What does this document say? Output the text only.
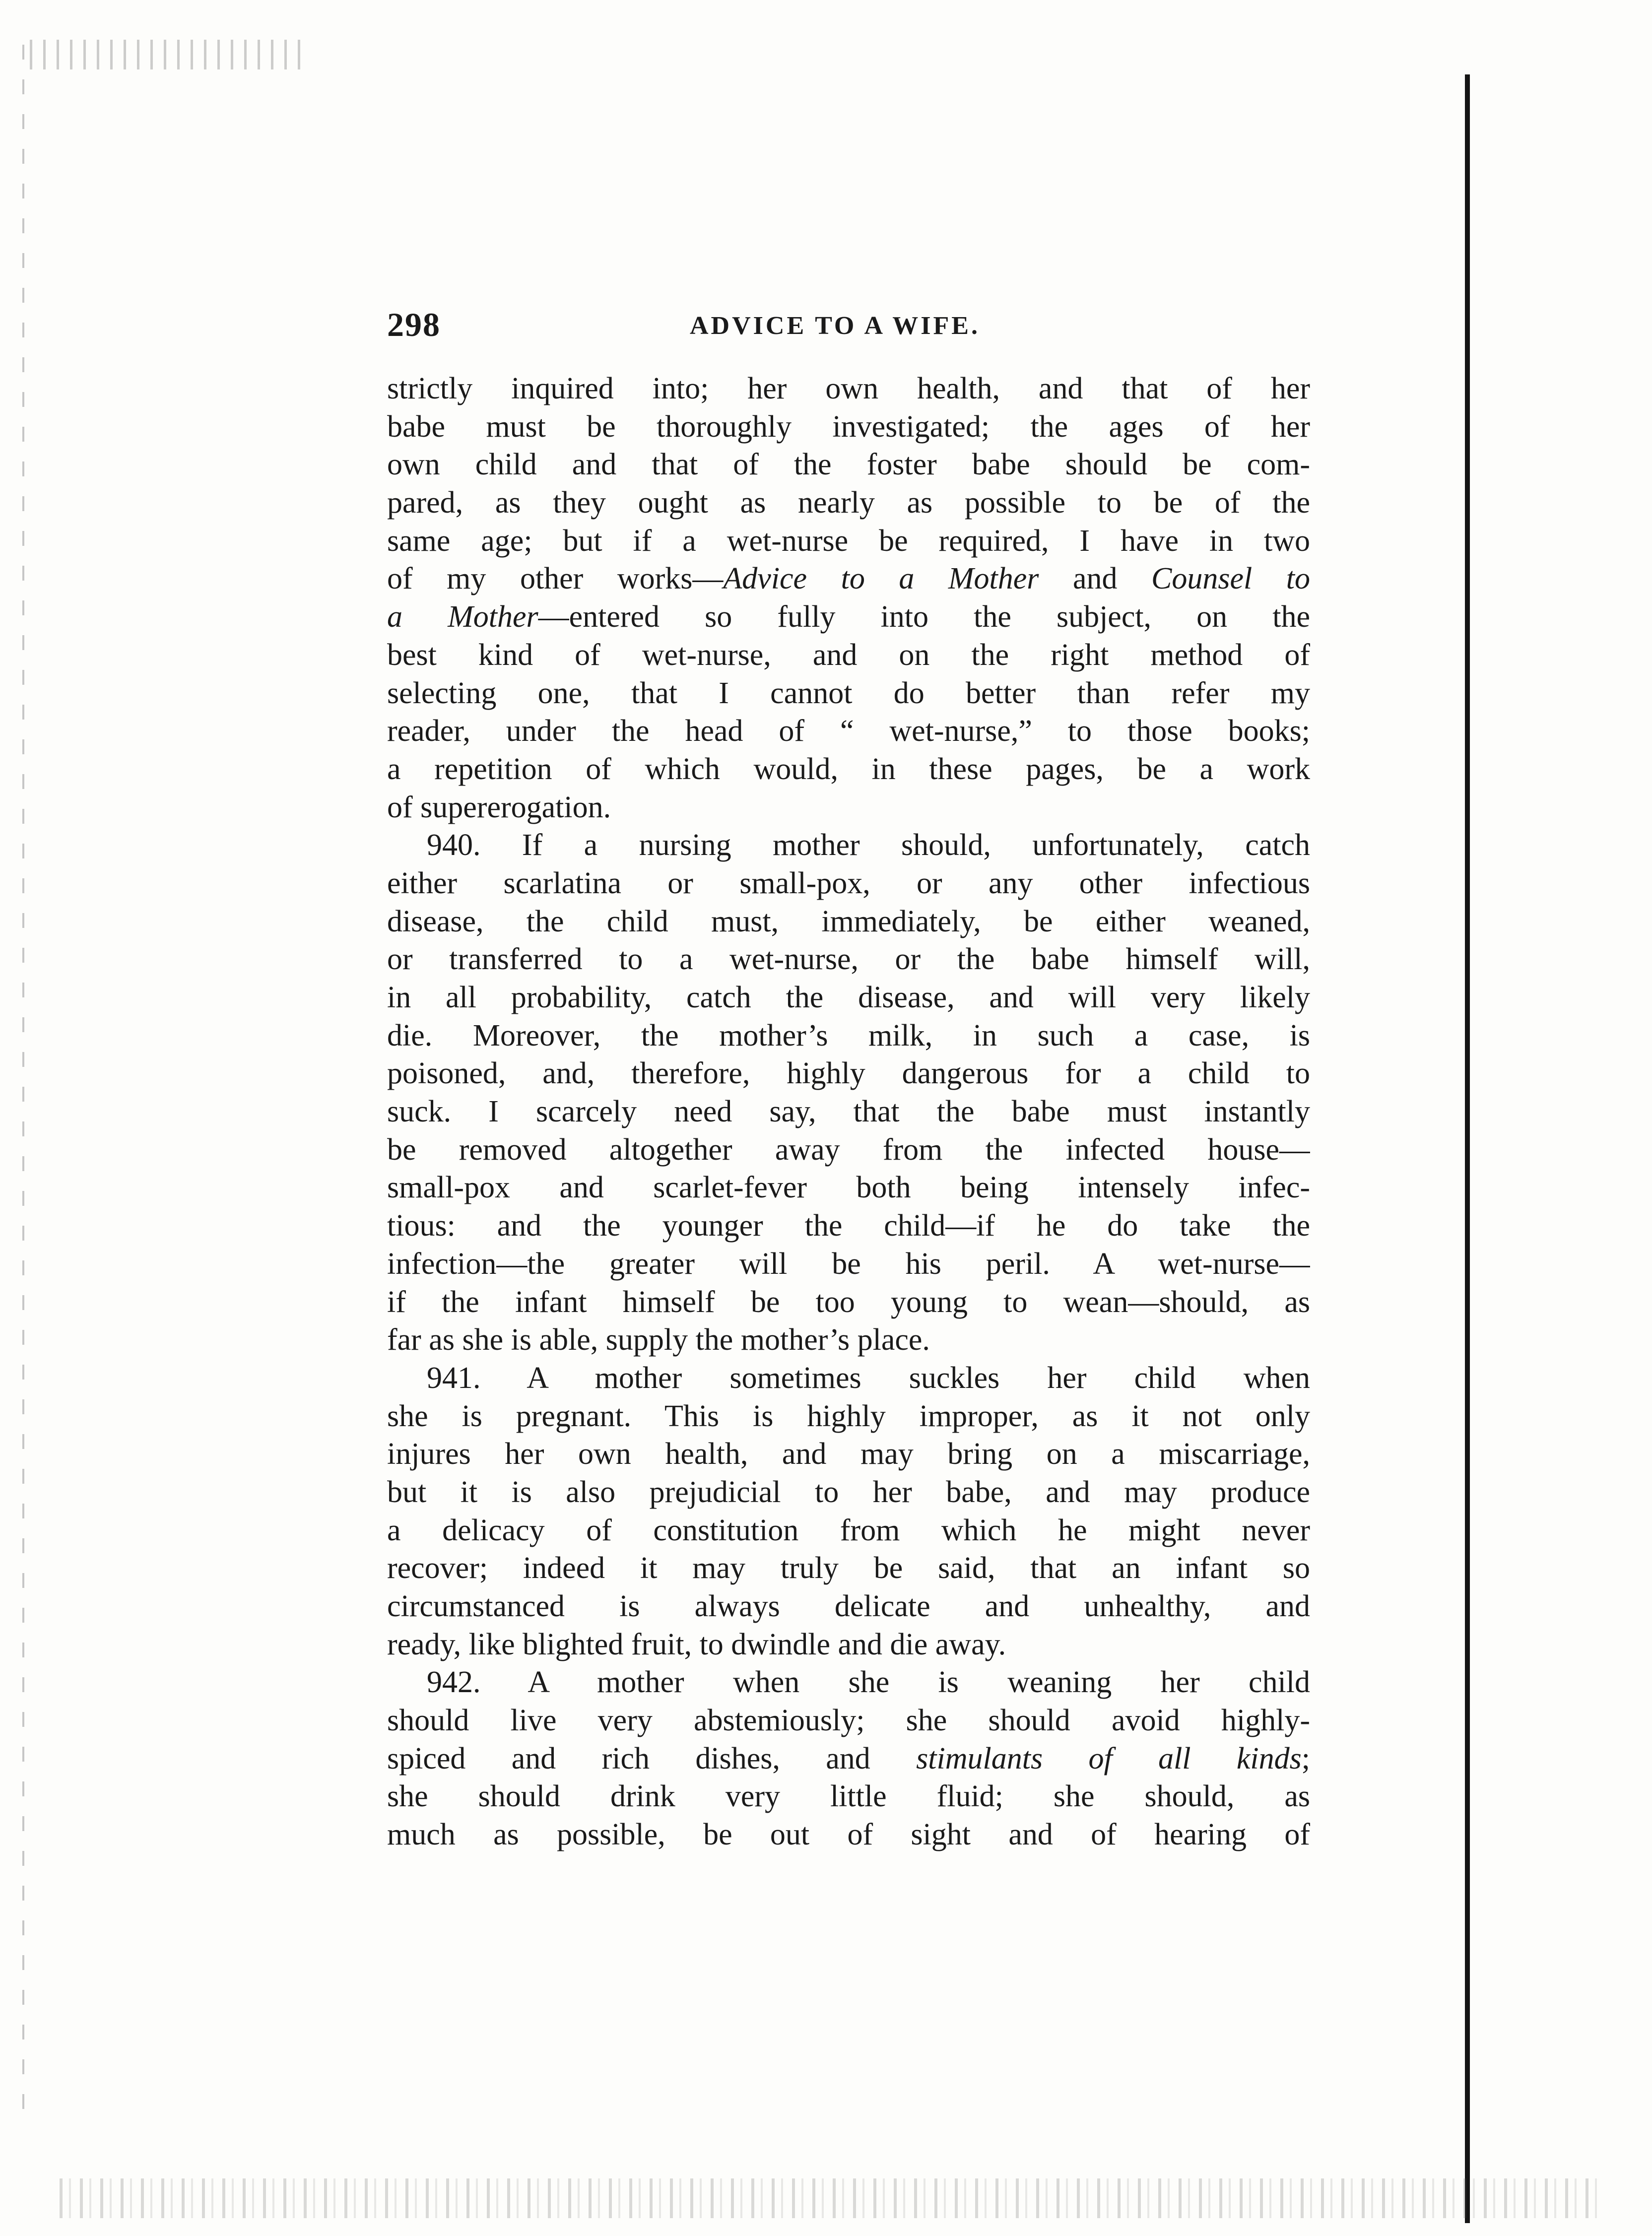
298	ADVICE TO A WIFE.
strictly inquired into; her own health, and that of her
babe must be thoroughly investigated; the ages of her
own child and that of the foster babe should be com-
pared, as they ought as nearly as possible to be of the
same age; but if a wet-nurse be required, I have in two
of my other works—Advice to a Mother and Counsel to
a Mother—entered so fully into the subject, on the
best kind of wet-nurse, and on the right method of
selecting one, that I cannot do better than refer my
reader, under the head of “ wet-nurse,” to those books;
a repetition of which would, in these pages, be a work
of supererogation.
940. If a nursing mother should, unfortunately, catch
either scarlatina or small-pox, or any other infectious
disease, the child must, immediately, be either weaned,
or transferred to a wet-nurse, or the babe himself will,
in all probability, catch the disease, and will very likely
die. Moreover, the mother’s milk, in such a case, is
poisoned, and, therefore, highly dangerous for a child to
suck. I scarcely need say, that the babe must instantly
be removed altogether away from the infected house—
small-pox and scarlet-fever both being intensely infec-
tious: and the younger the child—if he do take the
infection—the greater will be his peril. A wet-nurse—
if the infant himself be too young to wean—should, as
far as she is able, supply the mother’s place.
941. A mother sometimes suckles her child when
she is pregnant. This is highly improper, as it not only
injures her own health, and may bring on a miscarriage,
but it is also prejudicial to her babe, and may produce
a delicacy of constitution from which he might never
recover; indeed it may truly be said, that an infant so
circumstanced is always delicate and unhealthy, and
ready, like blighted fruit, to dwindle and die away.
942. A mother when she is weaning her child
should live very abstemiously; she should avoid highly-
spiced and rich dishes, and stimulants of all kinds;
she should drink very little fluid; she should, as
much as possible, be out of sight and of hearing of
